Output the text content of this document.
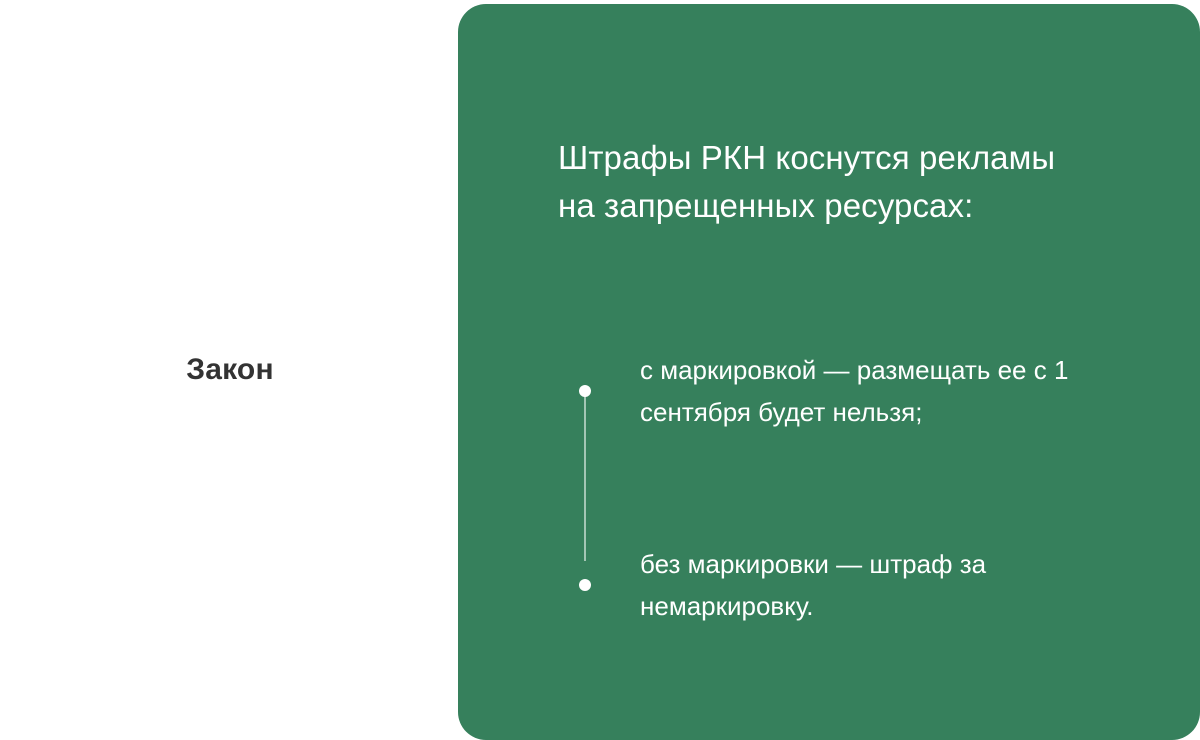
Закон
Штрафы РКН коснутся рекламы на запрещенных ресурсах:
с маркировкой — размещать ее с 1 сентября будет нельзя;
без маркировки — штраф за немаркировку.
